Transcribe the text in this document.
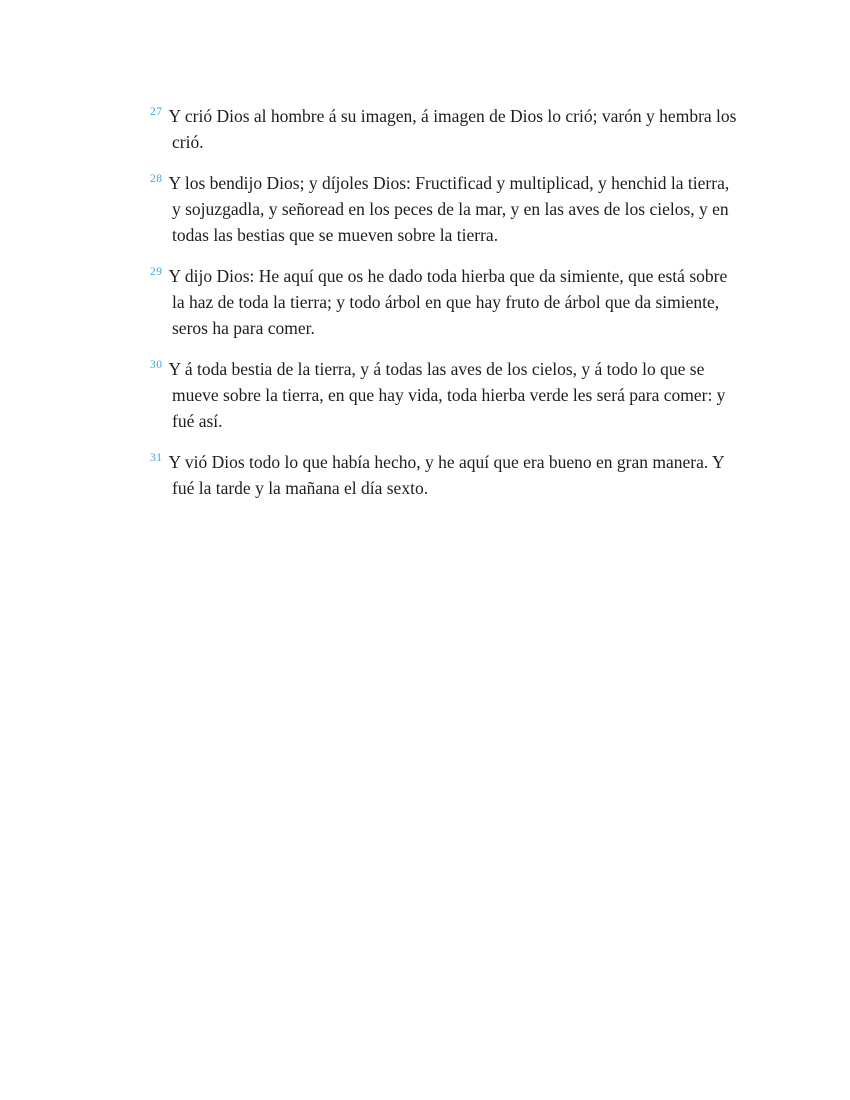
$^{27}$ Y crió Dios al hombre á su imagen, á imagen de Dios lo crió; varón y hembra los crió.

$^{28}$ Y los bendijo Dios; y díjoles Dios: Fructificad y multiplicad, y henchid la tierra, y sojuzgadla, y señoread en los peces de la mar, y en las aves de los cielos, y en todas las bestias que se mueven sobre la tierra.

$^{29}$ Y dijo Dios: He aquí que os he dado toda hierba que da simiente, que está sobre la haz de toda la tierra; y todo árbol en que hay fruto de árbol que da simiente, seros ha para comer.

$^{30}$ Y á toda bestia de la tierra, y á todas las aves de los cielos, y á todo lo que se mueve sobre la tierra, en que hay vida, toda hierba verde les será para comer: y fué así.

$^{31}$ Y vió Dios todo lo que había hecho, y he aquí que era bueno en gran manera. Y fué la tarde y la mañana el día sexto.
